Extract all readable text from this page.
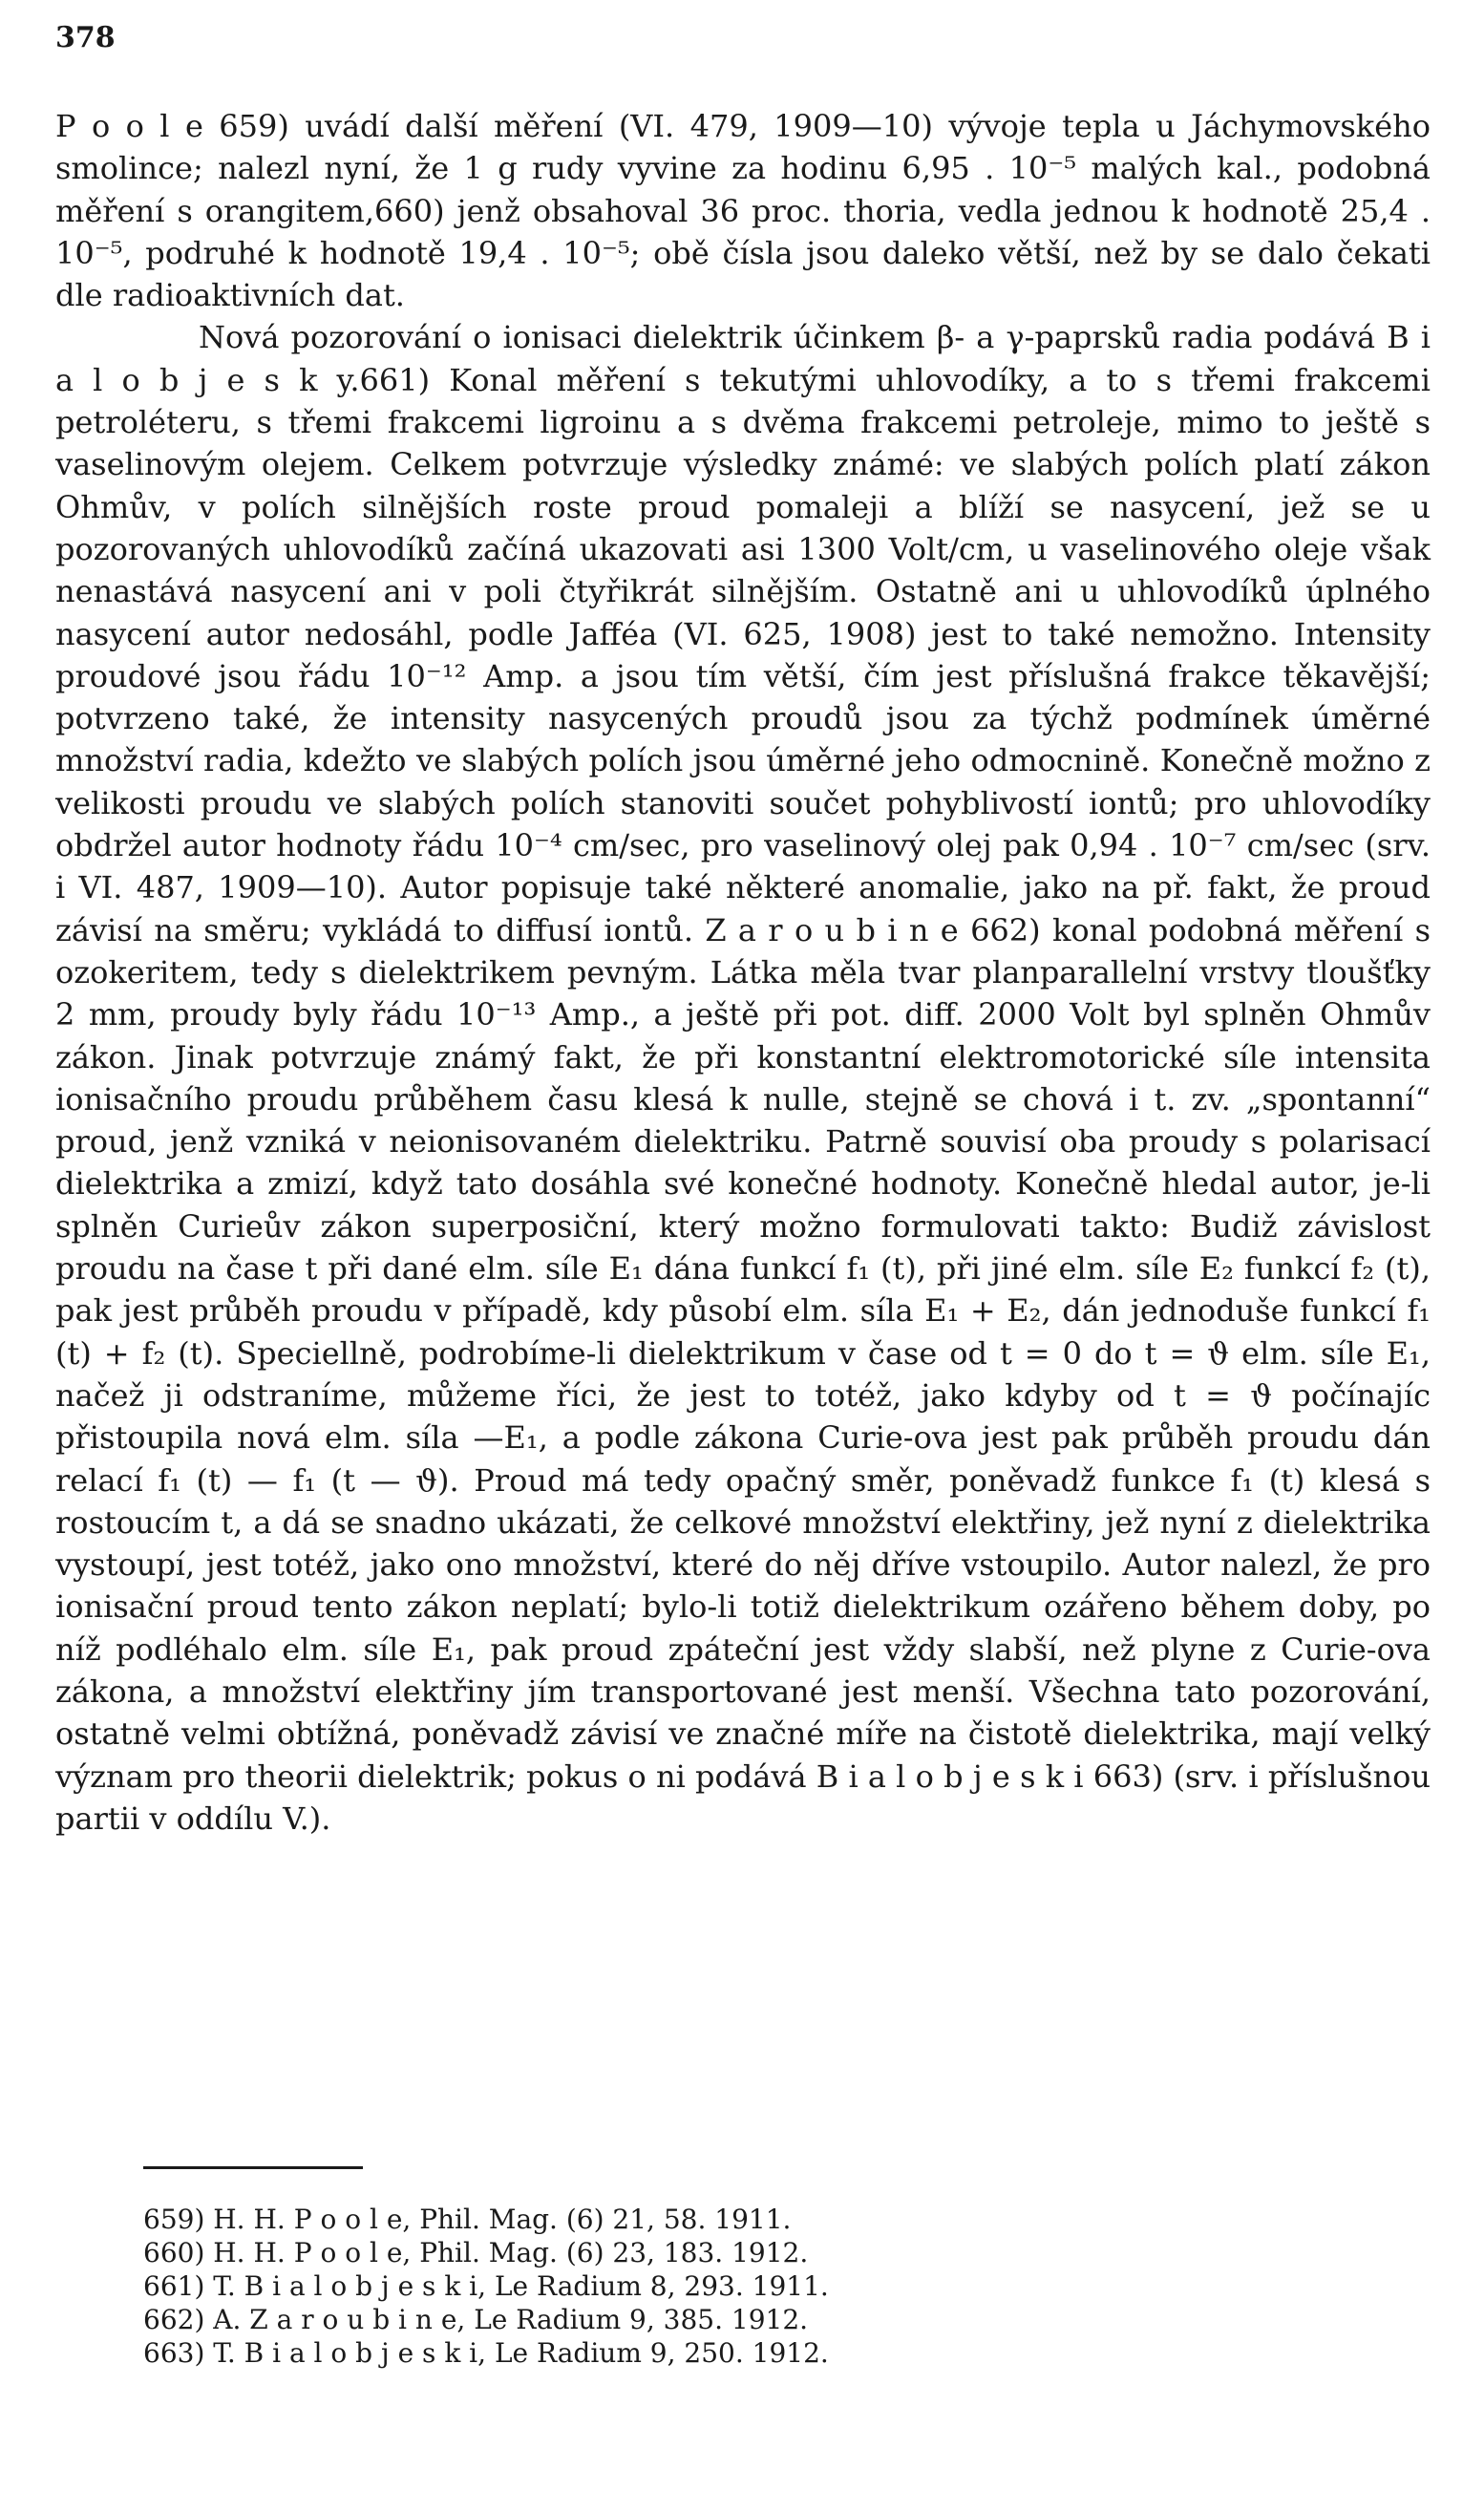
378

P o o l e 659) uvádí další měření (VI. 479, 1909—10) vývoje tepla u Jáchymovského smolince; nalezl nyní, že 1 g rudy vyvine za hodinu 6,95 . 10⁻⁵ malých kal., podobná měření s orangitem,660) jenž obsahoval 36 proc. thoria, vedla jednou k hodnotě 25,4 . 10⁻⁵, podruhé k hodnotě 19,4 . 10⁻⁵; obě čísla jsou daleko větší, než by se dalo čekati dle radioaktivních dat.

Nová pozorování o ionisaci dielektrik účinkem β- a γ-paprsků radia podává B i a l o b j e s k y.661) Konal měření s tekutými uhlovodíky, a to s třemi frakcemi petroléteru, s třemi frakcemi ligroinu a s dvěma frakcemi petroleje, mimo to ještě s vaselinovým olejem. Celkem potvrzuje výsledky známé: ve slabých polích platí zákon Ohmův, v polích silnějších roste proud pomaleji a blíží se nasycení, jež se u pozorovaných uhlovodíků začíná ukazovati asi 1300 Volt/cm, u vaselinového oleje však nenastává nasycení ani v poli čtyřikrát silnějším. Ostatně ani u uhlovodíků úplného nasycení autor nedosáhl, podle Jafféa (VI. 625, 1908) jest to také nemožno. Intensity proudové jsou řádu 10⁻¹² Amp. a jsou tím větší, čím jest příslušná frakce těkavější; potvrzeno také, že intensity nasycených proudů jsou za týchž podmínek úměrné množství radia, kdežto ve slabých polích jsou úměrné jeho odmocnině. Konečně možno z velikosti proudu ve slabých polích stanoviti součet pohyblivostí iontů; pro uhlovodíky obdržel autor hodnoty řádu 10⁻⁴ cm/sec, pro vaselinový olej pak 0,94 . 10⁻⁷ cm/sec (srv. i VI. 487, 1909—10). Autor popisuje také některé anomalie, jako na př. fakt, že proud závisí na směru; vykládá to diffusí iontů. Z a r o u b i n e 662) konal podobná měření s ozokeritem, tedy s dielektrikem pevným. Látka měla tvar planparallelní vrstvy tloušťky 2 mm, proudy byly řádu 10⁻¹³ Amp., a ještě při pot. diff. 2000 Volt byl splněn Ohmův zákon. Jinak potvrzuje známý fakt, že při konstantní elektromotorické síle intensita ionisačního proudu průběhem času klesá k nulle, stejně se chová i t. zv. „spontanní“ proud, jenž vzniká v neionisovaném dielektriku. Patrně souvisí oba proudy s polarisací dielektrika a zmizí, když tato dosáhla své konečné hodnoty. Konečně hledal autor, je-li splněn Curieův zákon superposiční, který možno formulovati takto: Budiž závislost proudu na čase t při dané elm. síle E₁ dána funkcí f₁ (t), při jiné elm. síle E₂ funkcí f₂ (t), pak jest průběh proudu v případě, kdy působí elm. síla E₁ + E₂, dán jednoduše funkcí f₁ (t) + f₂ (t). Speciellně, podrobíme-li dielektrikum v čase od t = 0 do t = ϑ elm. síle E₁, načež ji odstraníme, můžeme říci, že jest to totéž, jako kdyby od t = ϑ počínajíc přistoupila nová elm. síla —E₁, a podle zákona Curie-ova jest pak průběh proudu dán relací f₁ (t) — f₁ (t — ϑ). Proud má tedy opačný směr, poněvadž funkce f₁ (t) klesá s rostoucím t, a dá se snadno ukázati, že celkové množství elektřiny, jež nyní z dielektrika vystoupí, jest totéž, jako ono množství, které do něj dříve vstoupilo. Autor nalezl, že pro ionisační proud tento zákon neplatí; bylo-li totiž dielektrikum ozářeno během doby, po níž podléhalo elm. síle E₁, pak proud zpáteční jest vždy slabší, než plyne z Curie-ova zákona, a množství elektřiny jím transportované jest menší. Všechna tato pozorování, ostatně velmi obtížná, poněvadž závisí ve značné míře na čistotě dielektrika, mají velký význam pro theorii dielektrik; pokus o ni podává B i a l o b j e s k i 663) (srv. i příslušnou partii v oddílu V.).

659) H. H. P o o l e, Phil. Mag. (6) 21, 58. 1911.
660) H. H. P o o l e, Phil. Mag. (6) 23, 183. 1912.
661) T. B i a l o b j e s k i, Le Radium 8, 293. 1911.
662) A. Z a r o u b i n e, Le Radium 9, 385. 1912.
663) T. B i a l o b j e s k i, Le Radium 9, 250. 1912.
